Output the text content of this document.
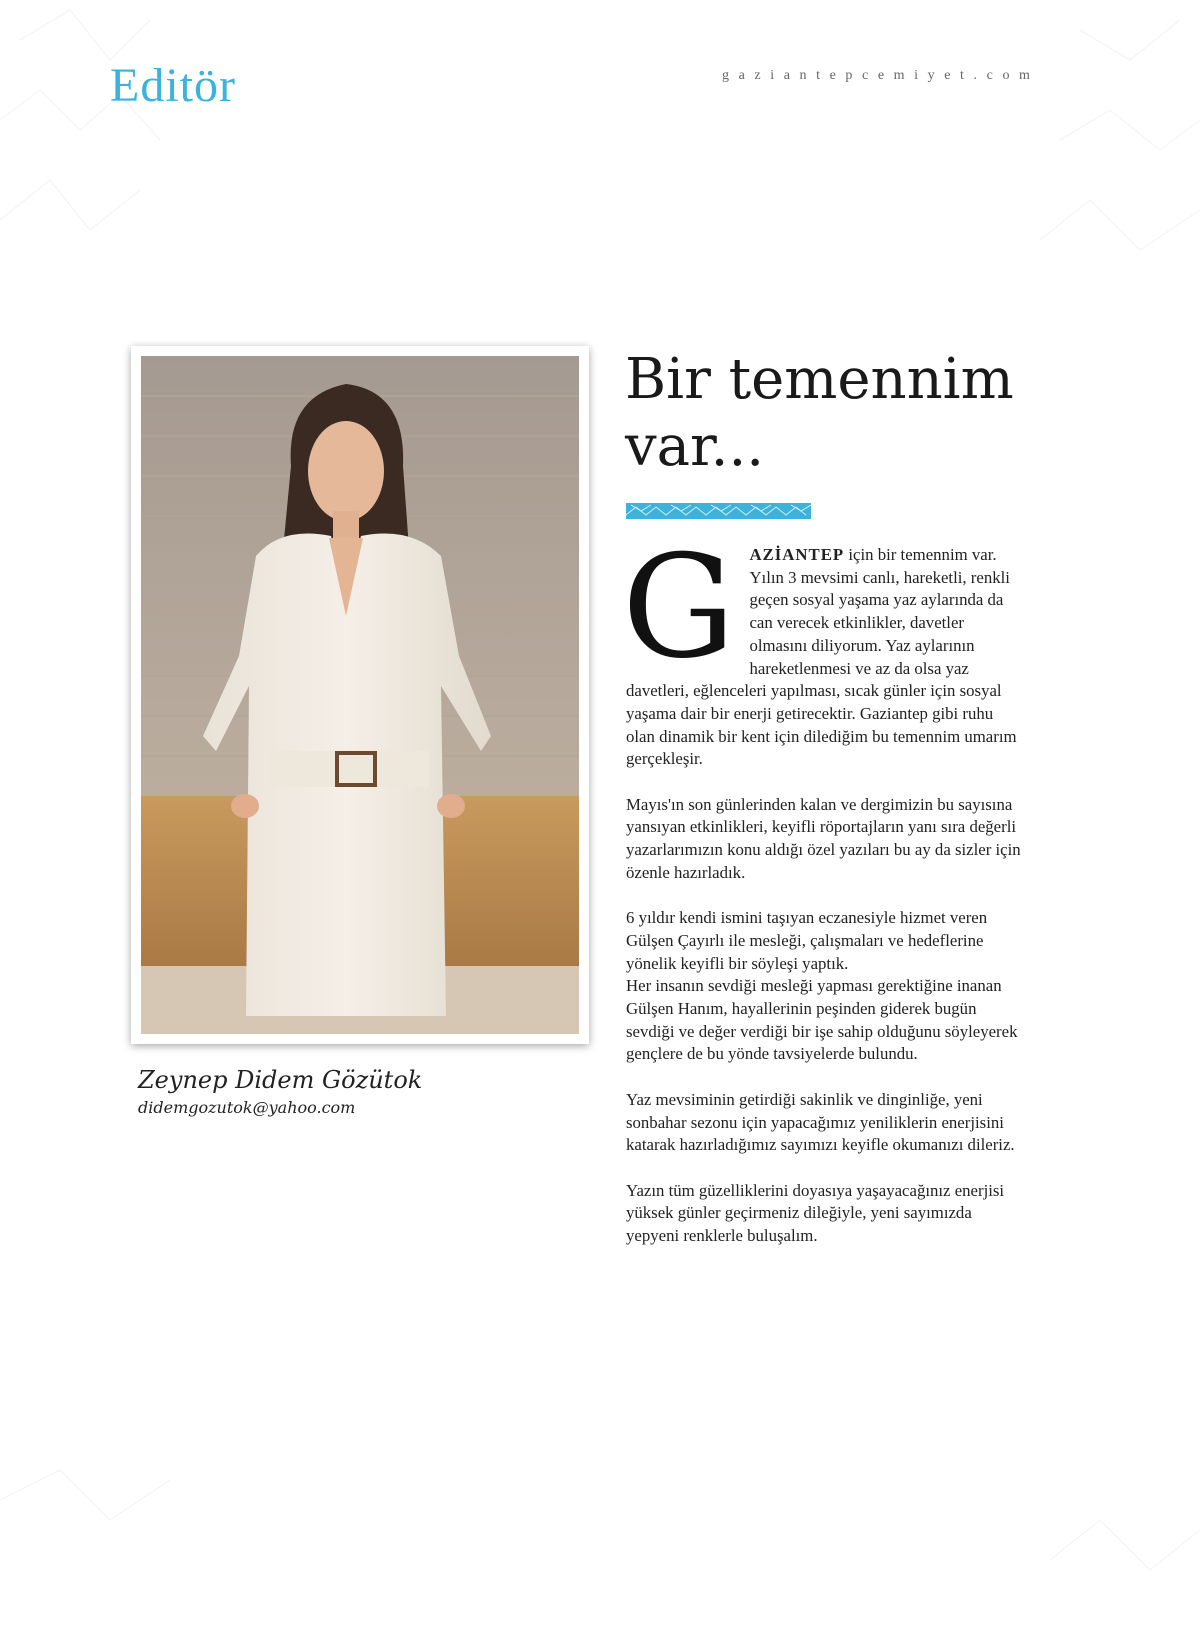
Editör	gaziantepcemiyet.com
Zeynep Didem Gözütok
didemgozutok@yahoo.com
Bir temennim
var...

GAZİANTEP için bir temennim var. Yılın 3 mevsimi canlı, hareketli, renkli geçen sosyal yaşama yaz aylarında da can verecek etkinlikler, davetler olmasını diliyorum. Yaz aylarının hareketlenmesi ve az da olsa yaz davetleri, eğlenceleri yapılması, sıcak günler için sosyal yaşama dair bir enerji getirecektir. Gaziantep gibi ruhu olan dinamik bir kent için dilediğim bu temennim umarım gerçekleşir.

Mayıs'ın son günlerinden kalan ve dergimizin bu sayısına yansıyan etkinlikleri, keyifli röportajların yanı sıra değerli yazarlarımızın konu aldığı özel yazıları bu ay da sizler için özenle hazırladık.

6 yıldır kendi ismini taşıyan eczanesiyle hizmet veren Gülşen Çayırlı ile mesleği, çalışmaları ve hedeflerine yönelik keyifli bir söyleşi yaptık.
Her insanın sevdiği mesleği yapması gerektiğine inanan Gülşen Hanım, hayallerinin peşinden giderek bugün sevdiği ve değer verdiği bir işe sahip olduğunu söyleyerek gençlere de bu yönde tavsiyelerde bulundu.

Yaz mevsiminin getirdiği sakinlik ve dinginliğe, yeni sonbahar sezonu için yapacağımız yeniliklerin enerjisini katarak hazırladığımız sayımızı keyifle okumanızı dileriz.

Yazın tüm güzelliklerini doyasıya yaşayacağınız enerjisi yüksek günler geçirmeniz dileğiyle, yeni sayımızda yepyeni renklerle buluşalım.
